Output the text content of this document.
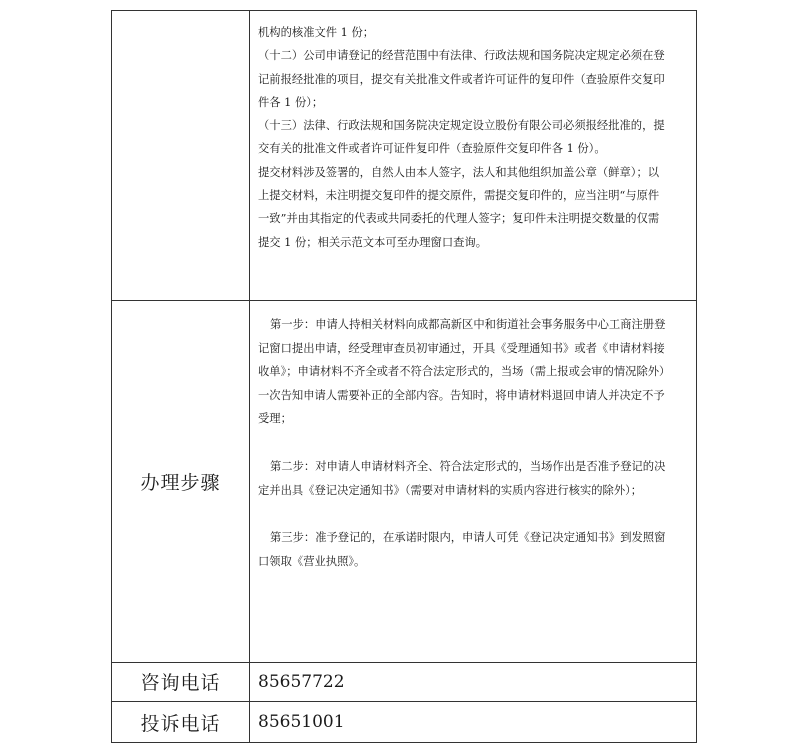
机构的核准文件 1 份；

（十二）公司申请登记的经营范围中有法律、行政法规和国务院决定规定必须在登

记前报经批准的项目，提交有关批准文件或者许可证件的复印件（查验原件交复印

件各 1 份）；

（十三）法律、行政法规和国务院决定规定设立股份有限公司必须报经批准的，提

交有关的批准文件或者许可证件复印件（查验原件交复印件各 1 份）。

提交材料涉及签署的，自然人由本人签字，法人和其他组织加盖公章（鲜章）；以

上提交材料，未注明提交复印件的提交原件，需提交复印件的，应当注明“与原件

一致”并由其指定的代表或共同委托的代理人签字；复印件未注明提交数量的仅需

提交 1 份；相关示范文本可至办理窗口查询。

办理步骤

第一步：申请人持相关材料向成都高新区中和街道社会事务服务中心工商注册登

记窗口提出申请，经受理审查员初审通过，开具《受理通知书》或者《申请材料接

收单》；申请材料不齐全或者不符合法定形式的，当场（需上报或会审的情况除外）

一次告知申请人需要补正的全部内容。告知时，将申请材料退回申请人并决定不予

受理；

第二步：对申请人申请材料齐全、符合法定形式的，当场作出是否准予登记的决

定并出具《登记决定通知书》（需要对申请材料的实质内容进行核实的除外）；

第三步：准予登记的，在承诺时限内，申请人可凭《登记决定通知书》到发照窗

口领取《营业执照》。

咨询电话	85657722
投诉电话	85651001
